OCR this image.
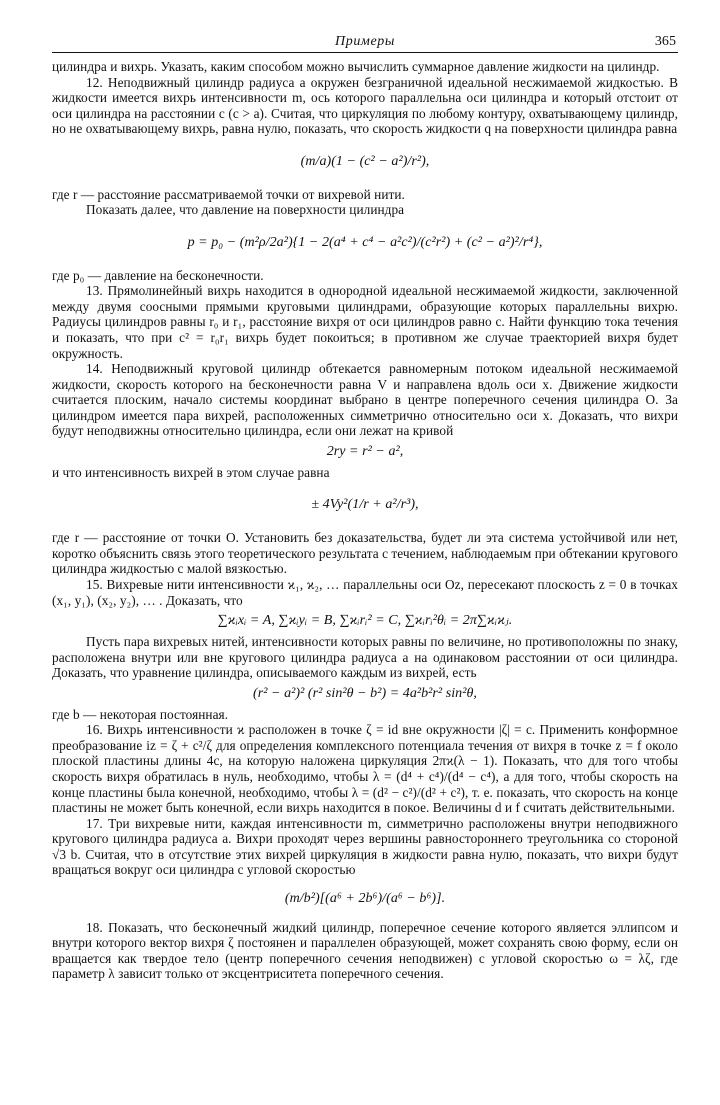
Примеры	365

цилиндра и вихрь. Указать, каким способом можно вычислить суммарное давление жидкости на цилиндр.

12. Неподвижный цилиндр радиуса a окружен безграничной идеальной несжимаемой жидкостью. В жидкости имеется вихрь интенсивности m, ось которого параллельна оси цилиндра и который отстоит от оси цилиндра на расстоянии c (c > a). Считая, что циркуляция по любому контуру, охватывающему цилиндр, но не охватывающему вихрь, равна нулю, показать, что скорость жидкости q на поверхности цилиндра равна

(m/a)(1 − (c² − a²)/r²),

где r — расстояние рассматриваемой точки от вихревой нити.

Показать далее, что давление на поверхности цилиндра

p = p₀ − (m²ρ/2a²){1 − 2(a⁴ + c⁴ − a²c²)/(c²r²) + (c² − a²)²/r⁴},

где p₀ — давление на бесконечности.

13. Прямолинейный вихрь находится в однородной идеальной несжимаемой жидкости, заключенной между двумя соосными прямыми круговыми цилиндрами, образующие которых параллельны вихрю. Радиусы цилиндров равны r₀ и r₁, расстояние вихря от оси цилиндров равно c. Найти функцию тока течения и показать, что при c² = r₀r₁ вихрь будет покоиться; в противном же случае траекторией вихря будет окружность.

14. Неподвижный круговой цилиндр обтекается равномерным потоком идеальной несжимаемой жидкости, скорость которого на бесконечности равна V и направлена вдоль оси x. Движение жидкости считается плоским, начало системы координат выбрано в центре поперечного сечения цилиндра O. За цилиндром имеется пара вихрей, расположенных симметрично относительно оси x. Доказать, что вихри будут неподвижны относительно цилиндра, если они лежат на кривой

2ry = r² − a²,

и что интенсивность вихрей в этом случае равна

± 4Vy²(1/r + a²/r³),

где r — расстояние от точки O. Установить без доказательства, будет ли эта система устойчивой или нет, коротко объяснить связь этого теоретического результата с течением, наблюдаемым при обтекании кругового цилиндра жидкостью с малой вязкостью.

15. Вихревые нити интенсивности ϰ₁, ϰ₂, … параллельны оси Oz, пересекают плоскость z = 0 в точках (x₁, y₁), (x₂, y₂), … . Доказать, что

∑ϰᵢxᵢ = A, ∑ϰᵢyᵢ = B, ∑ϰᵢrᵢ² = C, ∑ϰᵢrᵢ²θᵢ = 2π∑ϰᵢϰⱼ.

Пусть пара вихревых нитей, интенсивности которых равны по величине, но противоположны по знаку, расположена внутри или вне кругового цилиндра радиуса a на одинаковом расстоянии от оси цилиндра. Доказать, что уравнение цилиндра, описываемого каждым из вихрей, есть

(r² − a²)² (r² sin²θ − b²) = 4a²b²r² sin²θ,

где b — некоторая постоянная.

16. Вихрь интенсивности ϰ расположен в точке ζ = id вне окружности |ζ| = c. Применить конформное преобразование iz = ζ + c²/ζ для определения комплексного потенциала течения от вихря в точке z = f около плоской пластины длины 4c, на которую наложена циркуляция 2πϰ(λ − 1). Показать, что для того чтобы скорость вихря обратилась в нуль, необходимо, чтобы λ = (d⁴ + c⁴)/(d⁴ − c⁴), а для того, чтобы скорость на конце пластины была конечной, необходимо, чтобы λ = (d² − c²)/(d² + c²), т. е. показать, что скорость на конце пластины не может быть конечной, если вихрь находится в покое. Величины d и f считать действительными.

17. Три вихревые нити, каждая интенсивности m, симметрично расположены внутри неподвижного кругового цилиндра радиуса a. Вихри проходят через вершины равностороннего треугольника со стороной √3 b. Считая, что в отсутствие этих вихрей циркуляция в жидкости равна нулю, показать, что вихри будут вращаться вокруг оси цилиндра с угловой скоростью

(m/b²)[(a⁶ + 2b⁶)/(a⁶ − b⁶)].

18. Показать, что бесконечный жидкий цилиндр, поперечное сечение которого является эллипсом и внутри которого вектор вихря ζ постоянен и параллелен образующей, может сохранять свою форму, если он вращается как твердое тело (центр поперечного сечения неподвижен) с угловой скоростью ω = λζ, где параметр λ зависит только от эксцентриситета поперечного сечения.
